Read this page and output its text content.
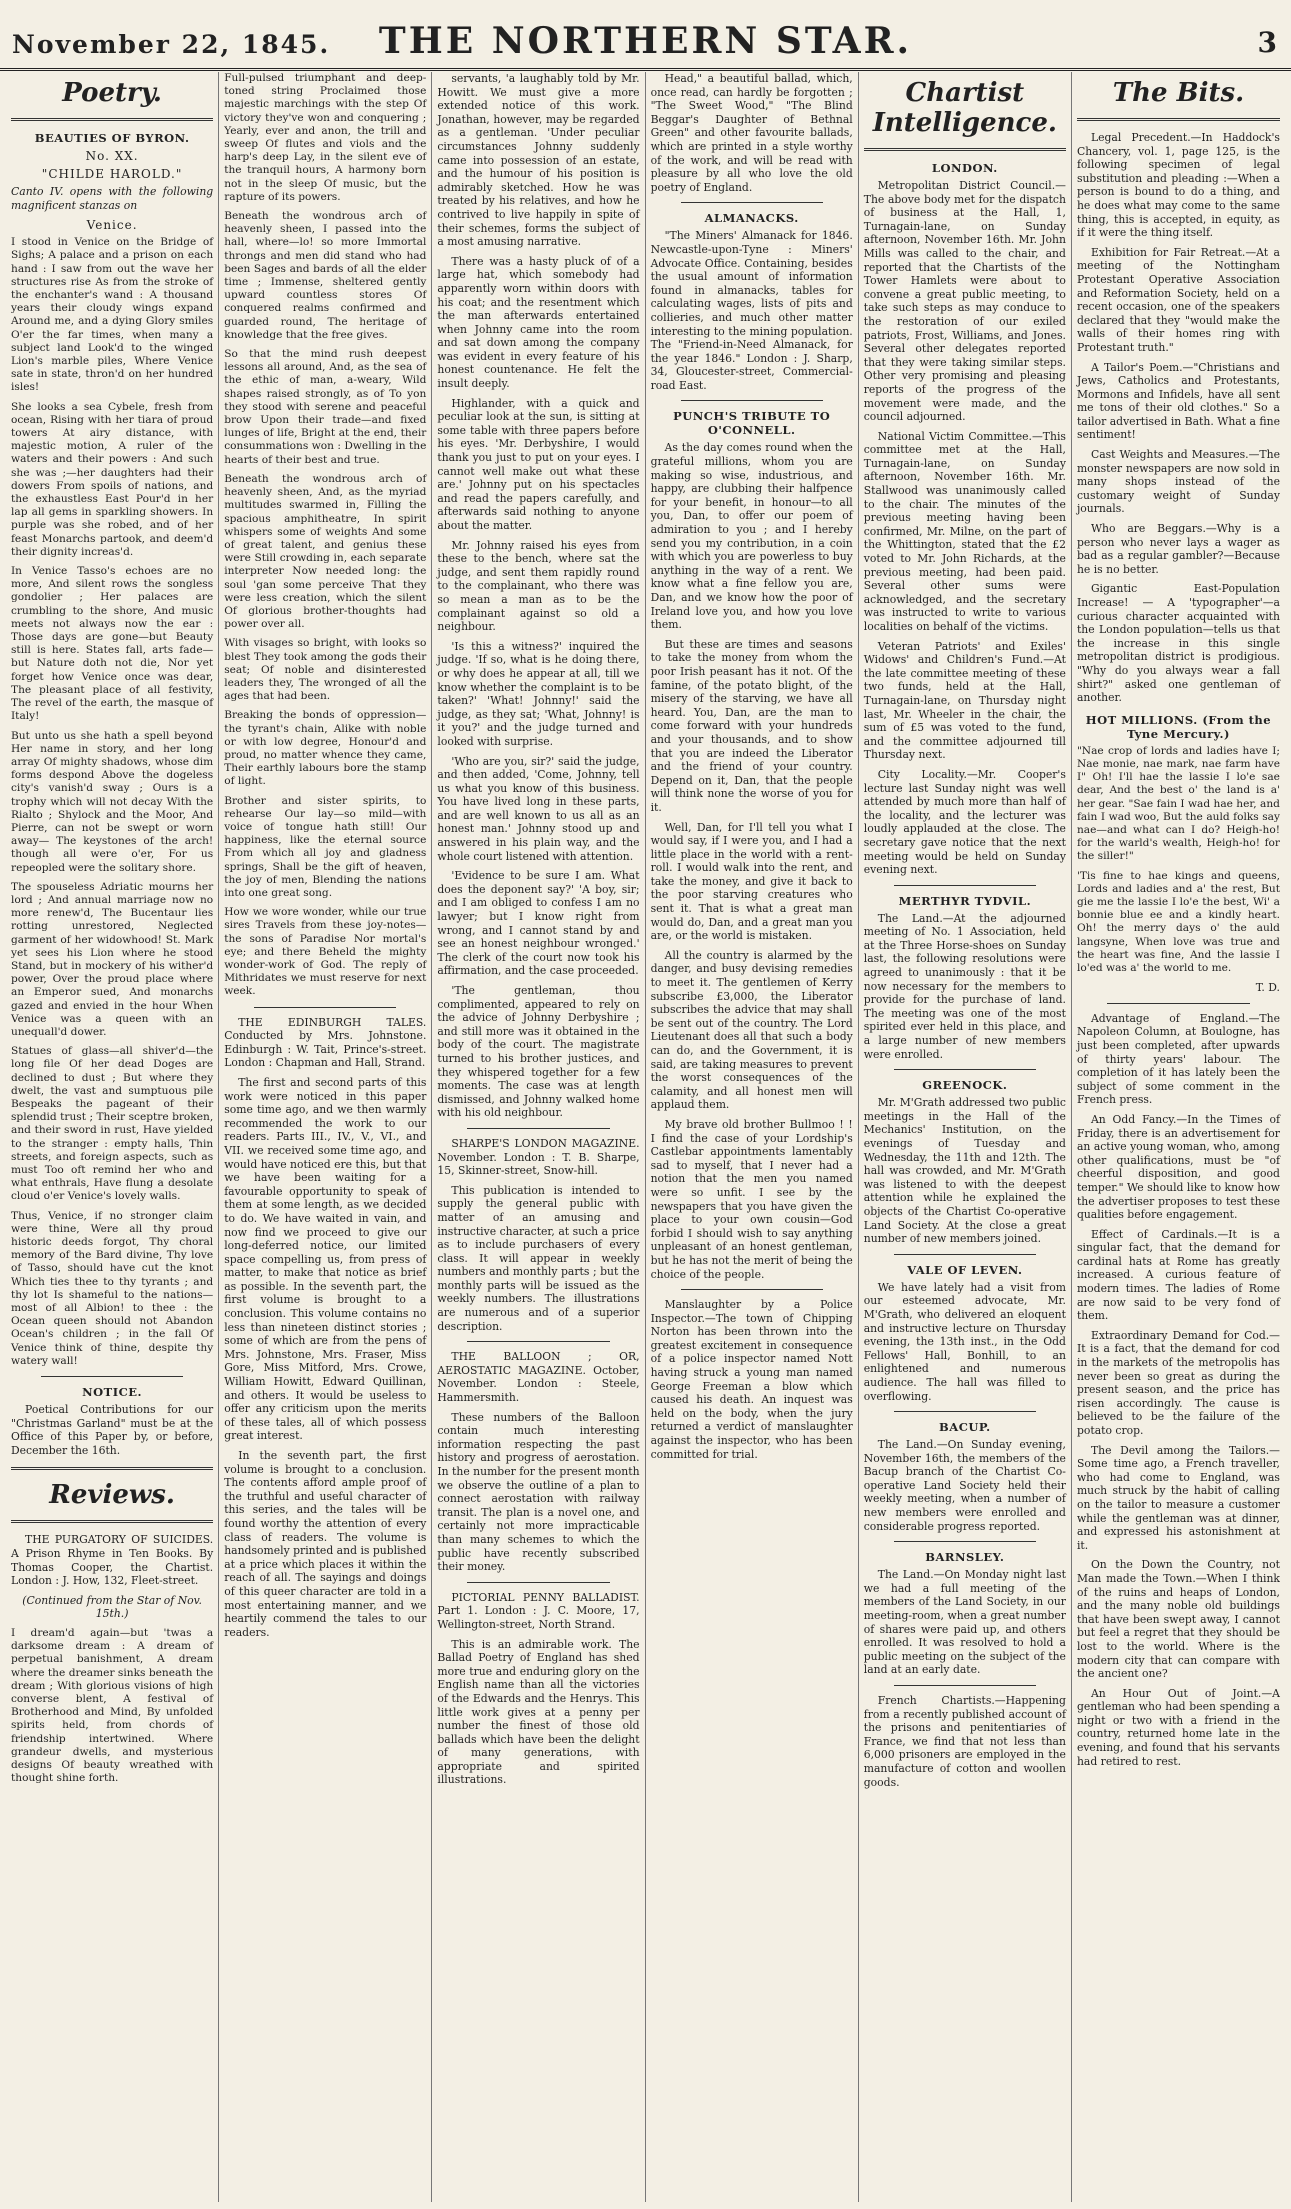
November 22, 1845.	THE NORTHERN STAR.	3
Poetry.
BEAUTIES OF BYRON.
No. XX.
"CHILDE HAROLD."

Canto IV. opens with the following magnificent stanzas on

Venice.

I stood in Venice on the Bridge of Sighs; A palace and a prison on each hand : I saw from out the wave her structures rise As from the stroke of the enchanter's wand : A thousand years their cloudy wings expand Around me, and a dying Glory smiles O'er the far times, when many a subject land Look'd to the winged Lion's marble piles, Where Venice sate in state, thron'd on her hundred isles!

She looks a sea Cybele, fresh from ocean, Rising with her tiara of proud towers At airy distance, with majestic motion, A ruler of the waters and their powers : And such she was ;—her daughters had their dowers From spoils of nations, and the exhaustless East Pour'd in her lap all gems in sparkling showers. In purple was she robed, and of her feast Monarchs partook, and deem'd their dignity increas'd.

In Venice Tasso's echoes are no more, And silent rows the songless gondolier ; Her palaces are crumbling to the shore, And music meets not always now the ear : Those days are gone—but Beauty still is here. States fall, arts fade—but Nature doth not die, Nor yet forget how Venice once was dear, The pleasant place of all festivity, The revel of the earth, the masque of Italy!

But unto us she hath a spell beyond Her name in story, and her long array Of mighty shadows, whose dim forms despond Above the dogeless city's vanish'd sway ; Ours is a trophy which will not decay With the Rialto ; Shylock and the Moor, And Pierre, can not be swept or worn away— The keystones of the arch! though all were o'er, For us repeopled were the solitary shore.

The spouseless Adriatic mourns her lord ; And annual marriage now no more renew'd, The Bucentaur lies rotting unrestored, Neglected garment of her widowhood! St. Mark yet sees his Lion where he stood Stand, but in mockery of his wither'd power, Over the proud place where an Emperor sued, And monarchs gazed and envied in the hour When Venice was a queen with an unequall'd dower.

Statues of glass—all shiver'd—the long file Of her dead Doges are declined to dust ; But where they dwelt, the vast and sumptuous pile Bespeaks the pageant of their splendid trust ; Their sceptre broken, and their sword in rust, Have yielded to the stranger : empty halls, Thin streets, and foreign aspects, such as must Too oft remind her who and what enthrals, Have flung a desolate cloud o'er Venice's lovely walls.

Thus, Venice, if no stronger claim were thine, Were all thy proud historic deeds forgot, Thy choral memory of the Bard divine, Thy love of Tasso, should have cut the knot Which ties thee to thy tyrants ; and thy lot Is shameful to the nations—most of all Albion! to thee : the Ocean queen should not Abandon Ocean's children ; in the fall Of Venice think of thine, despite thy watery wall!

NOTICE.

Poetical Contributions for our "Christmas Garland" must be at the Office of this Paper by, or before, December the 16th.

Reviews.

THE PURGATORY OF SUICIDES. A Prison Rhyme in Ten Books. By Thomas Cooper, the Chartist. London : J. How, 132, Fleet-street.

(Continued from the Star of Nov. 15th.)

I dream'd again—but 'twas a darksome dream : A dream of perpetual banishment, A dream where the dreamer sinks beneath the dream ; With glorious visions of high converse blent, A festival of Brotherhood and Mind, By unfolded spirits held, from chords of friendship intertwined. Where grandeur dwells, and mysterious designs Of beauty wreathed with thought shine forth.

Full-pulsed triumphant and deep-toned string Proclaimed those majestic marchings with the step Of victory they've won and conquering ; Yearly, ever and anon, the trill and sweep Of flutes and viols and the harp's deep Lay, in the silent eve of the tranquil hours, A harmony born not in the sleep Of music, but the rapture of its powers.

Beneath the wondrous arch of heavenly sheen, I passed into the hall, where—lo! so more Immortal throngs and men did stand who had been Sages and bards of all the elder time ; Immense, sheltered gently upward countless stores Of conquered realms confirmed and guarded round, The heritage of knowledge that the free gives.

So that the mind rush deepest lessons all around, And, as the sea of the ethic of man, a-weary, Wild shapes raised strongly, as of To yon they stood with serene and peaceful brow Upon their trade—and fixed lunges of life, Bright at the end, their consummations won : Dwelling in the hearts of their best and true.

Beneath the wondrous arch of heavenly sheen, And, as the myriad multitudes swarmed in, Filling the spacious amphitheatre, In spirit whispers some of weights And some of great talent, and genius these were Still crowding in, each separate interpreter Now needed long: the soul 'gan some perceive That they were less creation, which the silent Of glorious brother-thoughts had power over all.

With visages so bright, with looks so blest They took among the gods their seat; Of noble and disinterested leaders they, The wronged of all the ages that had been.

Breaking the bonds of oppression—the tyrant's chain, Alike with noble or with low degree, Honour'd and proud, no matter whence they came, Their earthly labours bore the stamp of light.

Brother and sister spirits, to rehearse Our lay—so mild—with voice of tongue hath still! Our happiness, like the eternal source From which all joy and gladness springs, Shall be the gift of heaven, the joy of men, Blending the nations into one great song.

How we wore wonder, while our true sires Travels from these joy-notes—the sons of Paradise Nor mortal's eye; and there Beheld the mighty wonder-work of God. The reply of Mithridates we must reserve for next week.

THE EDINBURGH TALES. Conducted by Mrs. Johnstone. Edinburgh : W. Tait, Prince's-street. London : Chapman and Hall, Strand.

The first and second parts of this work were noticed in this paper some time ago, and we then warmly recommended the work to our readers. Parts III., IV., V., VI., and VII. we received some time ago, and would have noticed ere this, but that we have been waiting for a favourable opportunity to speak of them at some length, as we decided to do. We have waited in vain, and now find we proceed to give our long-deferred notice, our limited space compelling us, from press of matter, to make that notice as brief as possible. In the seventh part, the first volume is brought to a conclusion. This volume contains no less than nineteen distinct stories ; some of which are from the pens of Mrs. Johnstone, Mrs. Fraser, Miss Gore, Miss Mitford, Mrs. Crowe, William Howitt, Edward Quillinan, and others. It would be useless to offer any criticism upon the merits of these tales, all of which possess great interest.

In the seventh part, the first volume is brought to a conclusion. The contents afford ample proof of the truthful and useful character of this series, and the tales will be found worthy the attention of every class of readers. The volume is handsomely printed and is published at a price which places it within the reach of all. The sayings and doings of this queer character are told in a most entertaining manner, and we heartily commend the tales to our readers.

servants, 'a laughably told by Mr. Howitt. We must give a more extended notice of this work. Jonathan, however, may be regarded as a gentleman. 'Under peculiar circumstances Johnny suddenly came into possession of an estate, and the humour of his position is admirably sketched. How he was treated by his relatives, and how he contrived to live happily in spite of their schemes, forms the subject of a most amusing narrative.

There was a hasty pluck of of a large hat, which somebody had apparently worn within doors with his coat; and the resentment which the man afterwards entertained when Johnny came into the room and sat down among the company was evident in every feature of his honest countenance. He felt the insult deeply.

Highlander, with a quick and peculiar look at the sun, is sitting at some table with three papers before his eyes. 'Mr. Derbyshire, I would thank you just to put on your eyes. I cannot well make out what these are.' Johnny put on his spectacles and read the papers carefully, and afterwards said nothing to anyone about the matter.

Mr. Johnny raised his eyes from these to the bench, where sat the judge, and sent them rapidly round to the complainant, who there was so mean a man as to be the complainant against so old a neighbour.

'Is this a witness?' inquired the judge. 'If so, what is he doing there, or why does he appear at all, till we know whether the complaint is to be taken?' 'What! Johnny!' said the judge, as they sat; 'What, Johnny! is it you?' and the judge turned and looked with surprise.

'Who are you, sir?' said the judge, and then added, 'Come, Johnny, tell us what you know of this business. You have lived long in these parts, and are well known to us all as an honest man.' Johnny stood up and answered in his plain way, and the whole court listened with attention.

'Evidence to be sure I am. What does the deponent say?' 'A boy, sir; and I am obliged to confess I am no lawyer; but I know right from wrong, and I cannot stand by and see an honest neighbour wronged.' The clerk of the court now took his affirmation, and the case proceeded.

'The gentleman, thou complimented, appeared to rely on the advice of Johnny Derbyshire ; and still more was it obtained in the body of the court. The magistrate turned to his brother justices, and they whispered together for a few moments. The case was at length dismissed, and Johnny walked home with his old neighbour.

SHARPE'S LONDON MAGAZINE. November. London : T. B. Sharpe, 15, Skinner-street, Snow-hill.

This publication is intended to supply the general public with matter of an amusing and instructive character, at such a price as to include purchasers of every class. It will appear in weekly numbers and monthly parts ; but the monthly parts will be issued as the weekly numbers. The illustrations are numerous and of a superior description.

THE BALLOON ; OR, AEROSTATIC MAGAZINE. October, November. London : Steele, Hammersmith.

These numbers of the Balloon contain much interesting information respecting the past history and progress of aerostation. In the number for the present month we observe the outline of a plan to connect aerostation with railway transit. The plan is a novel one, and certainly not more impracticable than many schemes to which the public have recently subscribed their money.

PICTORIAL PENNY BALLADIST. Part 1. London : J. C. Moore, 17, Wellington-street, North Strand.

This is an admirable work. The Ballad Poetry of England has shed more true and enduring glory on the English name than all the victories of the Edwards and the Henrys. This little work gives at a penny per number the finest of those old ballads which have been the delight of many generations, with appropriate and spirited illustrations.

Head," a beautiful ballad, which, once read, can hardly be forgotten ; "The Sweet Wood," "The Blind Beggar's Daughter of Bethnal Green" and other favourite ballads, which are printed in a style worthy of the work, and will be read with pleasure by all who love the old poetry of England.

ALMANACKS.

"The Miners' Almanack for 1846. Newcastle-upon-Tyne : Miners' Advocate Office. Containing, besides the usual amount of information found in almanacks, tables for calculating wages, lists of pits and collieries, and much other matter interesting to the mining population. The "Friend-in-Need Almanack, for the year 1846." London : J. Sharp, 34, Gloucester-street, Commercial-road East.

PUNCH'S TRIBUTE TO O'CONNELL.

As the day comes round when the grateful millions, whom you are making so wise, industrious, and happy, are clubbing their halfpence for your benefit, in honour—to all you, Dan, to offer our poem of admiration to you ; and I hereby send you my contribution, in a coin with which you are powerless to buy anything in the way of a rent. We know what a fine fellow you are, Dan, and we know how the poor of Ireland love you, and how you love them.

But these are times and seasons to take the money from whom the poor Irish peasant has it not. Of the famine, of the potato blight, of the misery of the starving, we have all heard. You, Dan, are the man to come forward with your hundreds and your thousands, and to show that you are indeed the Liberator and the friend of your country. Depend on it, Dan, that the people will think none the worse of you for it.

Well, Dan, for I'll tell you what I would say, if I were you, and I had a little place in the world with a rent-roll. I would walk into the rent, and take the money, and give it back to the poor starving creatures who sent it. That is what a great man would do, Dan, and a great man you are, or the world is mistaken.

All the country is alarmed by the danger, and busy devising remedies to meet it. The gentlemen of Kerry subscribe £3,000, the Liberator subscribes the advice that may shall be sent out of the country. The Lord Lieutenant does all that such a body can do, and the Government, it is said, are taking measures to prevent the worst consequences of the calamity, and all honest men will applaud them.

My brave old brother Bullmoo ! ! I find the case of your Lordship's Castlebar appointments lamentably sad to myself, that I never had a notion that the men you named were so unfit. I see by the newspapers that you have given the place to your own cousin—God forbid I should wish to say anything unpleasant of an honest gentleman, but he has not the merit of being the choice of the people.

Manslaughter by a Police Inspector.—The town of Chipping Norton has been thrown into the greatest excitement in consequence of a police inspector named Nott having struck a young man named George Freeman a blow which caused his death. An inquest was held on the body, when the jury returned a verdict of manslaughter against the inspector, who has been committed for trial.

Chartist Intelligence.
LONDON.

Metropolitan District Council.—The above body met for the dispatch of business at the Hall, 1, Turnagain-lane, on Sunday afternoon, November 16th. Mr. John Mills was called to the chair, and reported that the Chartists of the Tower Hamlets were about to convene a great public meeting, to take such steps as may conduce to the restoration of our exiled patriots, Frost, Williams, and Jones. Several other delegates reported that they were taking similar steps. Other very promising and pleasing reports of the progress of the movement were made, and the council adjourned.

National Victim Committee.—This committee met at the Hall, Turnagain-lane, on Sunday afternoon, November 16th. Mr. Stallwood was unanimously called to the chair. The minutes of the previous meeting having been confirmed, Mr. Milne, on the part of the Whittington, stated that the £2 voted to Mr. John Richards, at the previous meeting, had been paid. Several other sums were acknowledged, and the secretary was instructed to write to various localities on behalf of the victims.

Veteran Patriots' and Exiles' Widows' and Children's Fund.—At the late committee meeting of these two funds, held at the Hall, Turnagain-lane, on Thursday night last, Mr. Wheeler in the chair, the sum of £5 was voted to the fund, and the committee adjourned till Thursday next.

City Locality.—Mr. Cooper's lecture last Sunday night was well attended by much more than half of the locality, and the lecturer was loudly applauded at the close. The secretary gave notice that the next meeting would be held on Sunday evening next.

MERTHYR TYDVIL.

The Land.—At the adjourned meeting of No. 1 Association, held at the Three Horse-shoes on Sunday last, the following resolutions were agreed to unanimously : that it be now necessary for the members to provide for the purchase of land. The meeting was one of the most spirited ever held in this place, and a large number of new members were enrolled.

GREENOCK.

Mr. M'Grath addressed two public meetings in the Hall of the Mechanics' Institution, on the evenings of Tuesday and Wednesday, the 11th and 12th. The hall was crowded, and Mr. M'Grath was listened to with the deepest attention while he explained the objects of the Chartist Co-operative Land Society. At the close a great number of new members joined.

VALE OF LEVEN.

We have lately had a visit from our esteemed advocate, Mr. M'Grath, who delivered an eloquent and instructive lecture on Thursday evening, the 13th inst., in the Odd Fellows' Hall, Bonhill, to an enlightened and numerous audience. The hall was filled to overflowing.

BACUP.

The Land.—On Sunday evening, November 16th, the members of the Bacup branch of the Chartist Co-operative Land Society held their weekly meeting, when a number of new members were enrolled and considerable progress reported.

BARNSLEY.

The Land.—On Monday night last we had a full meeting of the members of the Land Society, in our meeting-room, when a great number of shares were paid up, and others enrolled. It was resolved to hold a public meeting on the subject of the land at an early date.

French Chartists.—Happening from a recently published account of the prisons and penitentiaries of France, we find that not less than 6,000 prisoners are employed in the manufacture of cotton and woollen goods.

The Bits.

Legal Precedent.—In Haddock's Chancery, vol. 1, page 125, is the following specimen of legal substitution and pleading :—When a person is bound to do a thing, and he does what may come to the same thing, this is accepted, in equity, as if it were the thing itself.

Exhibition for Fair Retreat.—At a meeting of the Nottingham Protestant Operative Association and Reformation Society, held on a recent occasion, one of the speakers declared that they "would make the walls of their homes ring with Protestant truth."

A Tailor's Poem.—"Christians and Jews, Catholics and Protestants, Mormons and Infidels, have all sent me tons of their old clothes." So a tailor advertised in Bath. What a fine sentiment!

Cast Weights and Measures.—The monster newspapers are now sold in many shops instead of the customary weight of Sunday journals.

Who are Beggars.—Why is a person who never lays a wager as bad as a regular gambler?—Because he is no better.

Gigantic East-Population Increase! — A 'typographer'—a curious character acquainted with the London population—tells us that the increase in this single metropolitan district is prodigious. "Why do you always wear a fall shirt?" asked one gentleman of another.

HOT MILLIONS. (From the Tyne Mercury.)

"Nae crop of lords and ladies have I; Nae monie, nae mark, nae farm have I" Oh! I'll hae the lassie I lo'e sae dear, And the best o' the land is a' her gear. "Sae fain I wad hae her, and fain I wad woo, But the auld folks say nae—and what can I do? Heigh-ho! for the warld's wealth, Heigh-ho! for the siller!"

'Tis fine to hae kings and queens, Lords and ladies and a' the rest, But gie me the lassie I lo'e the best, Wi' a bonnie blue ee and a kindly heart. Oh! the merry days o' the auld langsyne, When love was true and the heart was fine, And the lassie I lo'ed was a' the world to me.

T. D.

Advantage of England.—The Napoleon Column, at Boulogne, has just been completed, after upwards of thirty years' labour. The completion of it has lately been the subject of some comment in the French press.

An Odd Fancy.—In the Times of Friday, there is an advertisement for an active young woman, who, among other qualifications, must be "of cheerful disposition, and good temper." We should like to know how the advertiser proposes to test these qualities before engagement.

Effect of Cardinals.—It is a singular fact, that the demand for cardinal hats at Rome has greatly increased. A curious feature of modern times. The ladies of Rome are now said to be very fond of them.

Extraordinary Demand for Cod.—It is a fact, that the demand for cod in the markets of the metropolis has never been so great as during the present season, and the price has risen accordingly. The cause is believed to be the failure of the potato crop.

The Devil among the Tailors.—Some time ago, a French traveller, who had come to England, was much struck by the habit of calling on the tailor to measure a customer while the gentleman was at dinner, and expressed his astonishment at it.

On the Down the Country, not Man made the Town.—When I think of the ruins and heaps of London, and the many noble old buildings that have been swept away, I cannot but feel a regret that they should be lost to the world. Where is the modern city that can compare with the ancient one?

An Hour Out of Joint.—A gentleman who had been spending a night or two with a friend in the country, returned home late in the evening, and found that his servants had retired to rest.
